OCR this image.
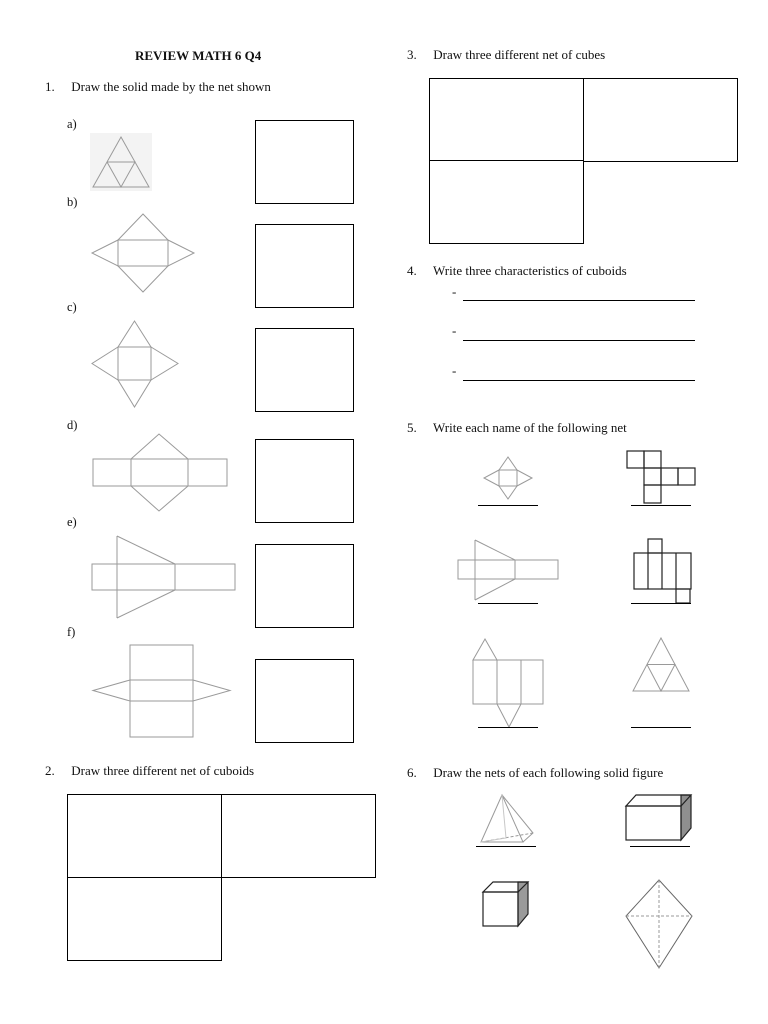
REVIEW MATH 6 Q4
1. Draw the solid made by the net shown
a)
b)
c)
d)
e)
f)
2. Draw three different net of cuboids
3. Draw three different net of cubes
4. Write three characteristics of cuboids
-
-
-
5. Write each name of the following net
6. Draw the nets of each following solid figure
